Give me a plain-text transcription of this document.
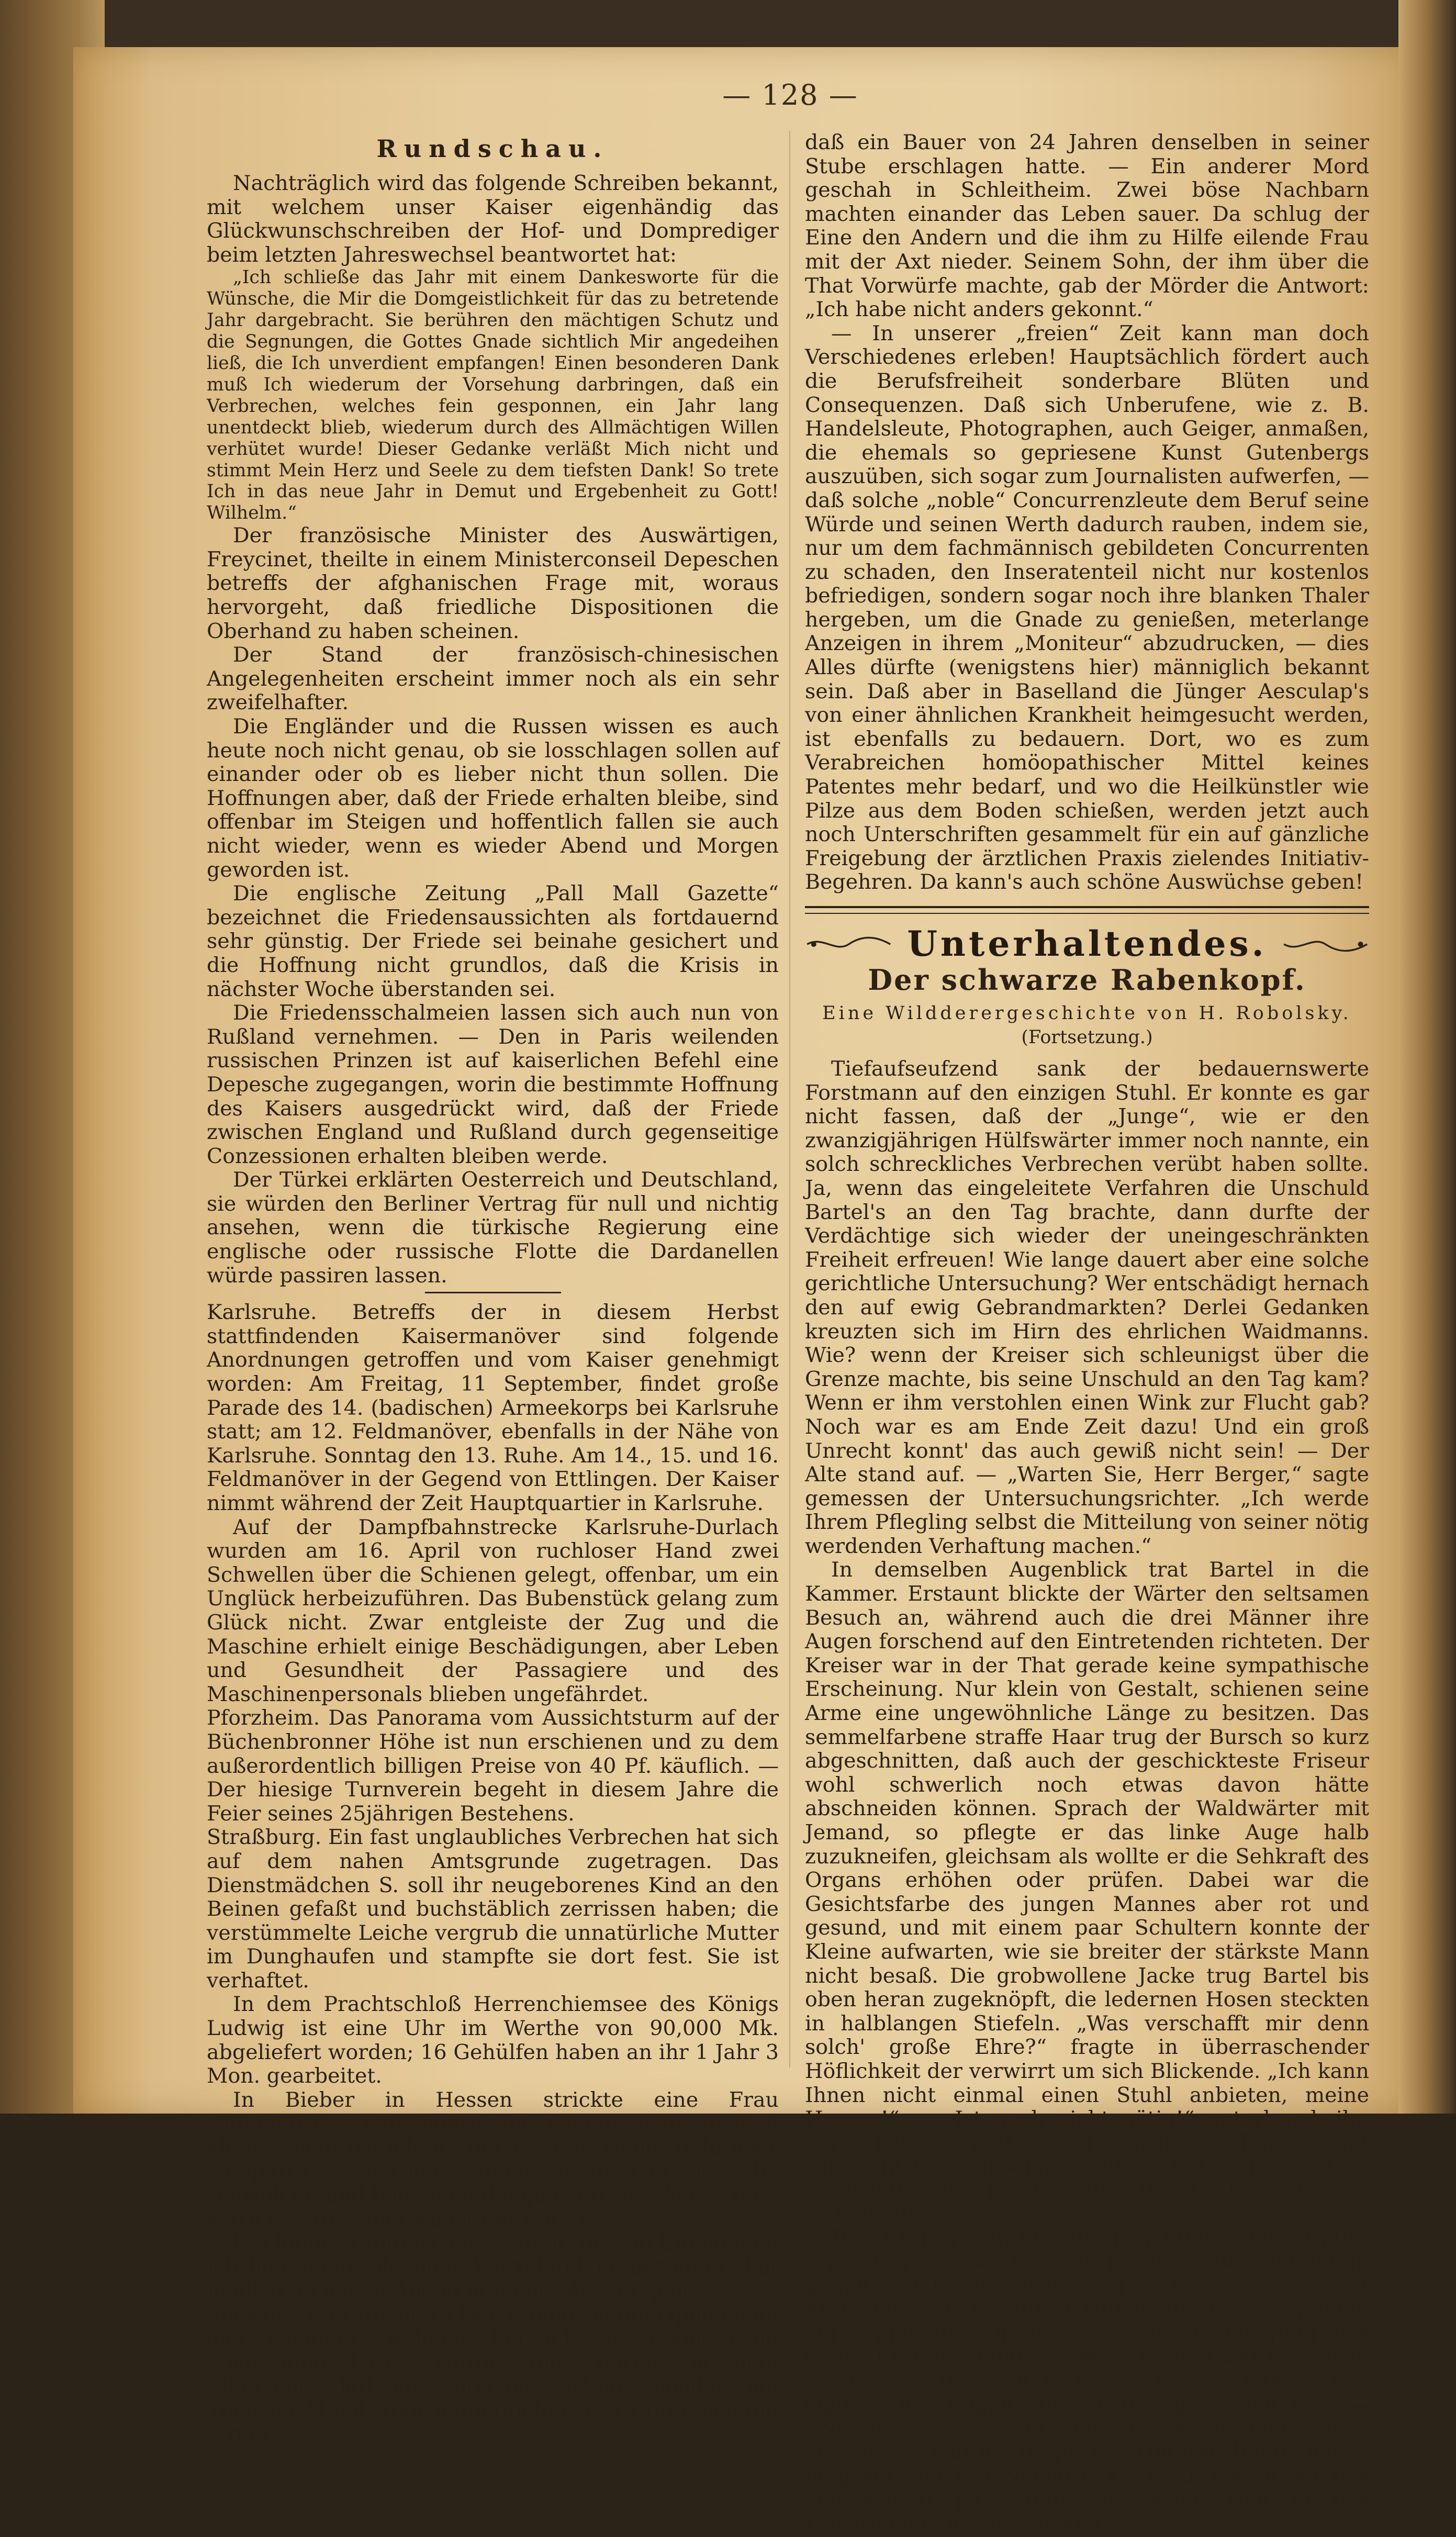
— 128 —
Rundschau.

Nachträglich wird das folgende Schreiben bekannt, mit welchem unser Kaiser eigenhändig das Glückwunschschreiben der Hof- und Domprediger beim letzten Jahreswechsel beantwortet hat:

„Ich schließe das Jahr mit einem Dankesworte für die Wünsche, die Mir die Domgeistlichkeit für das zu betretende Jahr dargebracht. Sie berühren den mächtigen Schutz und die Segnungen, die Gottes Gnade sichtlich Mir angedeihen ließ, die Ich unverdient empfangen! Einen besonderen Dank muß Ich wiederum der Vorsehung darbringen, daß ein Verbrechen, welches fein gesponnen, ein Jahr lang unentdeckt blieb, wiederum durch des Allmächtigen Willen verhütet wurde! Dieser Gedanke verläßt Mich nicht und stimmt Mein Herz und Seele zu dem tiefsten Dank! So trete Ich in das neue Jahr in Demut und Ergebenheit zu Gott! Wilhelm.“

Der französische Minister des Auswärtigen, Freycinet, theilte in einem Ministerconseil Depeschen betreffs der afghanischen Frage mit, woraus hervorgeht, daß friedliche Dispositionen die Oberhand zu haben scheinen.

Der Stand der französisch-chinesischen Angelegenheiten erscheint immer noch als ein sehr zweifelhafter.

Die Engländer und die Russen wissen es auch heute noch nicht genau, ob sie losschlagen sollen auf einander oder ob es lieber nicht thun sollen. Die Hoffnungen aber, daß der Friede erhalten bleibe, sind offenbar im Steigen und hoffentlich fallen sie auch nicht wieder, wenn es wieder Abend und Morgen geworden ist.

Die englische Zeitung „Pall Mall Gazette“ bezeichnet die Friedensaussichten als fortdauernd sehr günstig. Der Friede sei beinahe gesichert und die Hoffnung nicht grundlos, daß die Krisis in nächster Woche überstanden sei.

Die Friedensschalmeien lassen sich auch nun von Rußland vernehmen. — Den in Paris weilenden russischen Prinzen ist auf kaiserlichen Befehl eine Depesche zugegangen, worin die bestimmte Hoffnung des Kaisers ausgedrückt wird, daß der Friede zwischen England und Rußland durch gegenseitige Conzessionen erhalten bleiben werde.

Der Türkei erklärten Oesterreich und Deutschland, sie würden den Berliner Vertrag für null und nichtig ansehen, wenn die türkische Regierung eine englische oder russische Flotte die Dardanellen würde passiren lassen.

Karlsruhe. Betreffs der in diesem Herbst stattfindenden Kaisermanöver sind folgende Anordnungen getroffen und vom Kaiser genehmigt worden: Am Freitag, 11 September, findet große Parade des 14. (badischen) Armeekorps bei Karlsruhe statt; am 12. Feldmanöver, ebenfalls in der Nähe von Karlsruhe. Sonntag den 13. Ruhe. Am 14., 15. und 16. Feldmanöver in der Gegend von Ettlingen. Der Kaiser nimmt während der Zeit Hauptquartier in Karlsruhe.

Auf der Dampfbahnstrecke Karlsruhe-Durlach wurden am 16. April von ruchloser Hand zwei Schwellen über die Schienen gelegt, offenbar, um ein Unglück herbeizuführen. Das Bubenstück gelang zum Glück nicht. Zwar entgleiste der Zug und die Maschine erhielt einige Beschädigungen, aber Leben und Gesundheit der Passagiere und des Maschinenpersonals blieben ungefährdet.

Pforzheim. Das Panorama vom Aussichtsturm auf der Büchenbronner Höhe ist nun erschienen und zu dem außerordentlich billigen Preise von 40 Pf. käuflich. — Der hiesige Turnverein begeht in diesem Jahre die Feier seines 25jährigen Bestehens.

Straßburg. Ein fast unglaubliches Verbrechen hat sich auf dem nahen Amtsgrunde zugetragen. Das Dienstmädchen S. soll ihr neugeborenes Kind an den Beinen gefaßt und buchstäblich zerrissen haben; die verstümmelte Leiche vergrub die unnatürliche Mutter im Dunghaufen und stampfte sie dort fest. Sie ist verhaftet.

In dem Prachtschloß Herrenchiemsee des Königs Ludwig ist eine Uhr im Werthe von 90,000 Mk. abgeliefert worden; 16 Gehülfen haben an ihr 1 Jahr 3 Mon. gearbeitet.

In Bieber in Hessen strickte eine Frau rothgefärbtes Wollengarn und dachte nicht an eine kleine Schnittwunde an der rechten Hand. Bald aber verspürte sie heftige Schmerzen im Arm, derselbe schwoll an und bald auch die ganze Brust. Am 5. Tage starb sie trotz aller Kunst der Aerzte.

Ein junger preußischer Magnat, dessen Einnahmen jährlich mehr als eine Viertelmillion betragen, hat neulich an einem Abend 800,000 Mk. verspielt.

Schweiz. (Verbrechen.) Der Handelsmann Oppenheim aus Lengnau, welcher kürzlich in Stadel Geld eingezogen hatte, wurde Tags darauf in dem Flüßchen Glatt mit zerschmettertem Schädel, ein Tuch im Mund, todt aufgefunden. Die Untersuchung ergab,

daß ein Bauer von 24 Jahren denselben in seiner Stube erschlagen hatte. — Ein anderer Mord geschah in Schleitheim. Zwei böse Nachbarn machten einander das Leben sauer. Da schlug der Eine den Andern und die ihm zu Hilfe eilende Frau mit der Axt nieder. Seinem Sohn, der ihm über die That Vorwürfe machte, gab der Mörder die Antwort: „Ich habe nicht anders gekonnt.“

— In unserer „freien“ Zeit kann man doch Verschiedenes erleben! Hauptsächlich fördert auch die Berufsfreiheit sonderbare Blüten und Consequenzen. Daß sich Unberufene, wie z. B. Handelsleute, Photographen, auch Geiger, anmaßen, die ehemals so gepriesene Kunst Gutenbergs auszuüben, sich sogar zum Journalisten aufwerfen, — daß solche „noble“ Concurrenzleute dem Beruf seine Würde und seinen Werth dadurch rauben, indem sie, nur um dem fachmännisch gebildeten Concurrenten zu schaden, den Inseratenteil nicht nur kostenlos befriedigen, sondern sogar noch ihre blanken Thaler hergeben, um die Gnade zu genießen, meterlange Anzeigen in ihrem „Moniteur“ abzudrucken, — dies Alles dürfte (wenigstens hier) männiglich bekannt sein. Daß aber in Baselland die Jünger Aesculap's von einer ähnlichen Krankheit heimgesucht werden, ist ebenfalls zu bedauern. Dort, wo es zum Verabreichen homöopathischer Mittel keines Patentes mehr bedarf, und wo die Heilkünstler wie Pilze aus dem Boden schießen, werden jetzt auch noch Unterschriften gesammelt für ein auf gänzliche Freigebung der ärztlichen Praxis zielendes Initiativ-Begehren. Da kann's auch schöne Auswüchse geben!

Unterhaltendes.
Der schwarze Rabenkopf.
Eine Wildderergeschichte von H. Robolsky.
(Fortsetzung.)

Tiefaufseufzend sank der bedauernswerte Forstmann auf den einzigen Stuhl. Er konnte es gar nicht fassen, daß der „Junge“, wie er den zwanzigjährigen Hülfswärter immer noch nannte, ein solch schreckliches Verbrechen verübt haben sollte. Ja, wenn das eingeleitete Verfahren die Unschuld Bartel's an den Tag brachte, dann durfte der Verdächtige sich wieder der uneingeschränkten Freiheit erfreuen! Wie lange dauert aber eine solche gerichtliche Untersuchung? Wer entschädigt hernach den auf ewig Gebrandmarkten? Derlei Gedanken kreuzten sich im Hirn des ehrlichen Waidmanns. Wie? wenn der Kreiser sich schleunigst über die Grenze machte, bis seine Unschuld an den Tag kam? Wenn er ihm verstohlen einen Wink zur Flucht gab? Noch war es am Ende Zeit dazu! Und ein groß Unrecht konnt' das auch gewiß nicht sein! — Der Alte stand auf. — „Warten Sie, Herr Berger,“ sagte gemessen der Untersuchungsrichter. „Ich werde Ihrem Pflegling selbst die Mitteilung von seiner nötig werdenden Verhaftung machen.“

In demselben Augenblick trat Bartel in die Kammer. Erstaunt blickte der Wärter den seltsamen Besuch an, während auch die drei Männer ihre Augen forschend auf den Eintretenden richteten. Der Kreiser war in der That gerade keine sympathische Erscheinung. Nur klein von Gestalt, schienen seine Arme eine ungewöhnliche Länge zu besitzen. Das semmelfarbene straffe Haar trug der Bursch so kurz abgeschnitten, daß auch der geschickteste Friseur wohl schwerlich noch etwas davon hätte abschneiden können. Sprach der Waldwärter mit Jemand, so pflegte er das linke Auge halb zuzukneifen, gleichsam als wollte er die Sehkraft des Organs erhöhen oder prüfen. Dabei war die Gesichtsfarbe des jungen Mannes aber rot und gesund, und mit einem paar Schultern konnte der Kleine aufwarten, wie sie breiter der stärkste Mann nicht besaß. Die grobwollene Jacke trug Bartel bis oben heran zugeknöpft, die ledernen Hosen steckten in halblangen Stiefeln. „Was verschafft mir denn solch' große Ehre?“ fragte in überraschender Höflichkeit der verwirrt um sich Blickende. „Ich kann Ihnen nicht einmal einen Stuhl anbieten, meine Herren!“ — „Ist auch nicht nötig!“ unterbrach ihn der Polizeianwalt, den artigen Ton damit rücksichtslos abschneidend. „Sie sind stark verdächtig, den Forstgehilfen Dornbach erschossen zu haben!“

Des Kreisers Antlitz überflog dunkle Purpurglut. „Wer wagt es, solch' niederträchtige Beschuldigung gegen mich auszusprechen?“ begehrte er mit drohender Stimme auf. „Glauben die Herren, weil ich ein armer Bursch bin, mir jede Beleidigung in's Gesicht sagen zu dürfen? Mein Freund war Dornbach nicht; aber dennoch bedauere ich es, daß er das Opfer eines feigen Hinterhaltes geworden ist.“ — „Wissen Sie es denn, daß der Mann meuchlings erschossen wurde? fragte der Untersuchungsrichter langsam und voll Nachdruck. „Doch lassen wir das einstweilen! Jetzt thun Sie wohl, sich in das Unvermeidliche zu schicken
